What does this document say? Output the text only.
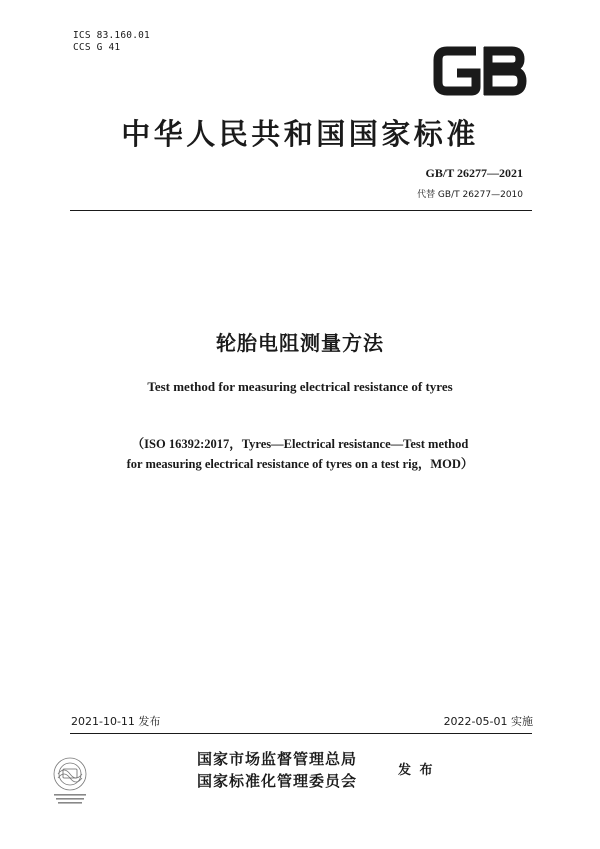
ICS 83.160.01
CCS G 41
中华人民共和国国家标准
GB/T 26277—2021
代替 GB/T 26277—2010
轮胎电阻测量方法
Test method for measuring electrical resistance of tyres
（ISO 16392:2017，Tyres—Electrical resistance—Test method
for measuring electrical resistance of tyres on a test rig，MOD）
2021-10-11 发布	2022-05-01 实施
国家市场监督管理总局
国家标准化管理委员会
发 布
